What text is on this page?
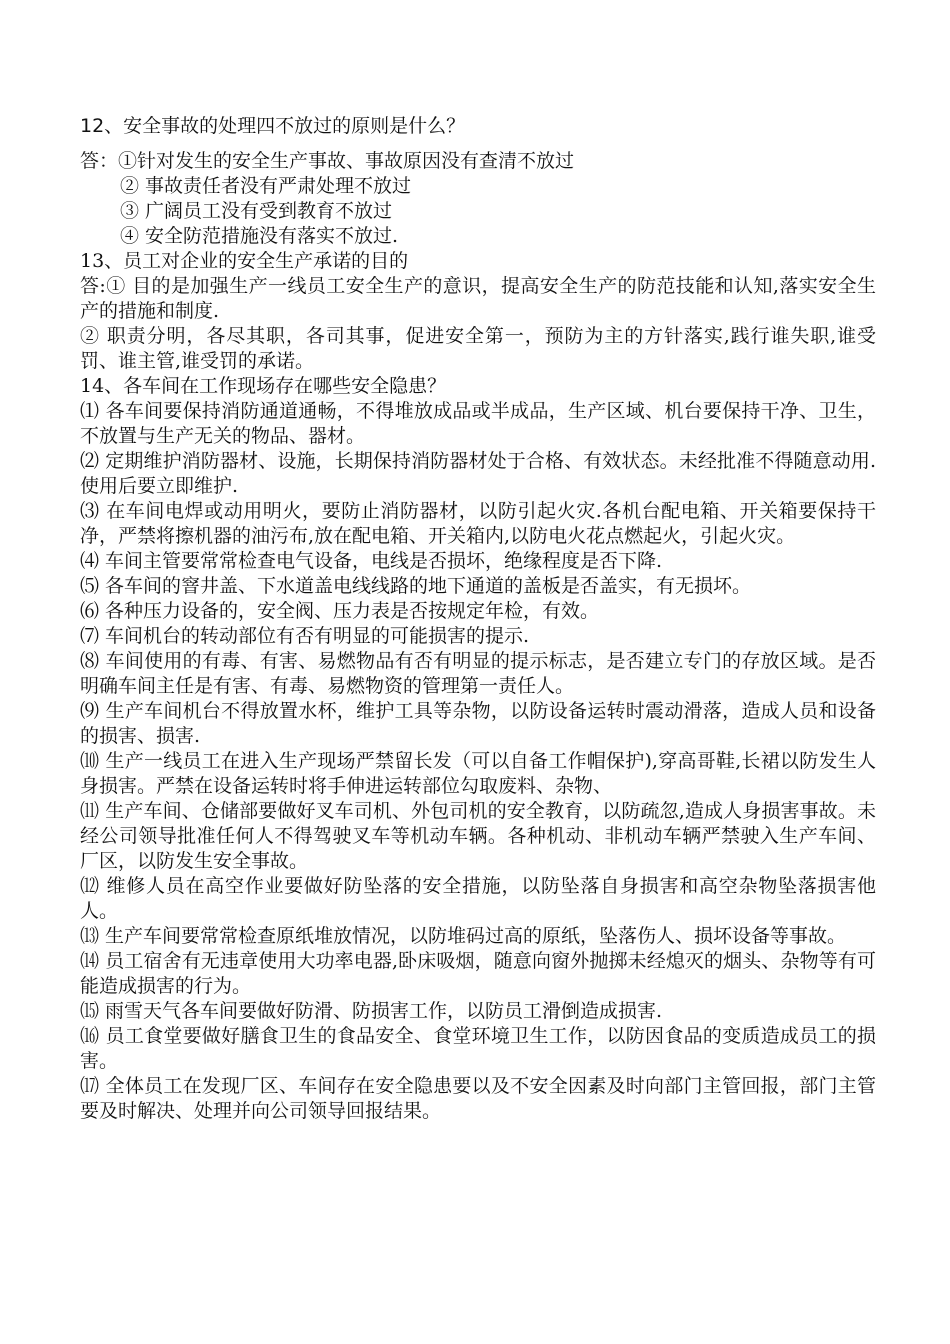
12、安全事故的处理四不放过的原则是什么？

答：①针对发生的安全生产事故、事故原因没有查清不放过

② 事故责任者没有严肃处理不放过

③ 广阔员工没有受到教育不放过

④ 安全防范措施没有落实不放过.

13、员工对企业的安全生产承诺的目的

答:① 目的是加强生产一线员工安全生产的意识，提高安全生产的防范技能和认知,落实安全生产的措施和制度.

② 职责分明，各尽其职，各司其事，促进安全第一，预防为主的方针落实,践行谁失职,谁受罚、谁主管,谁受罚的承诺。

14、各车间在工作现场存在哪些安全隐患？

⑴ 各车间要保持消防通道通畅，不得堆放成品或半成品，生产区域、机台要保持干净、卫生，不放置与生产无关的物品、器材。

⑵ 定期维护消防器材、设施，长期保持消防器材处于合格、有效状态。未经批准不得随意动用.使用后要立即维护.

⑶ 在车间电焊或动用明火，要防止消防器材，以防引起火灾.各机台配电箱、开关箱要保持干净，严禁将擦机器的油污布,放在配电箱、开关箱内,以防电火花点燃起火，引起火灾。

⑷ 车间主管要常常检查电气设备，电线是否损坏，绝缘程度是否下降.

⑸ 各车间的窨井盖、下水道盖电线线路的地下通道的盖板是否盖实，有无损坏。

⑹ 各种压力设备的，安全阀、压力表是否按规定年检，有效。

⑺ 车间机台的转动部位有否有明显的可能损害的提示.

⑻ 车间使用的有毒、有害、易燃物品有否有明显的提示标志，是否建立专门的存放区域。是否明确车间主任是有害、有毒、易燃物资的管理第一责任人。

⑼ 生产车间机台不得放置水杯，维护工具等杂物，以防设备运转时震动滑落，造成人员和设备的损害、损害.

⑽ 生产一线员工在进入生产现场严禁留长发（可以自备工作帽保护),穿高哥鞋,长裙以防发生人身损害。严禁在设备运转时将手伸进运转部位勾取废料、杂物、

⑾ 生产车间、仓储部要做好叉车司机、外包司机的安全教育，以防疏忽,造成人身损害事故。未经公司领导批准任何人不得驾驶叉车等机动车辆。各种机动、非机动车辆严禁驶入生产车间、厂区，以防发生安全事故。

⑿ 维修人员在高空作业要做好防坠落的安全措施，以防坠落自身损害和高空杂物坠落损害他人。

⒀ 生产车间要常常检查原纸堆放情况，以防堆码过高的原纸，坠落伤人、损坏设备等事故。

⒁ 员工宿舍有无违章使用大功率电器,卧床吸烟，随意向窗外抛掷未经熄灭的烟头、杂物等有可能造成损害的行为。

⒂ 雨雪天气各车间要做好防滑、防损害工作，以防员工滑倒造成损害.

⒃ 员工食堂要做好膳食卫生的食品安全、食堂环境卫生工作，以防因食品的变质造成员工的损害。

⒄ 全体员工在发现厂区、车间存在安全隐患要以及不安全因素及时向部门主管回报，部门主管要及时解决、处理并向公司领导回报结果。
